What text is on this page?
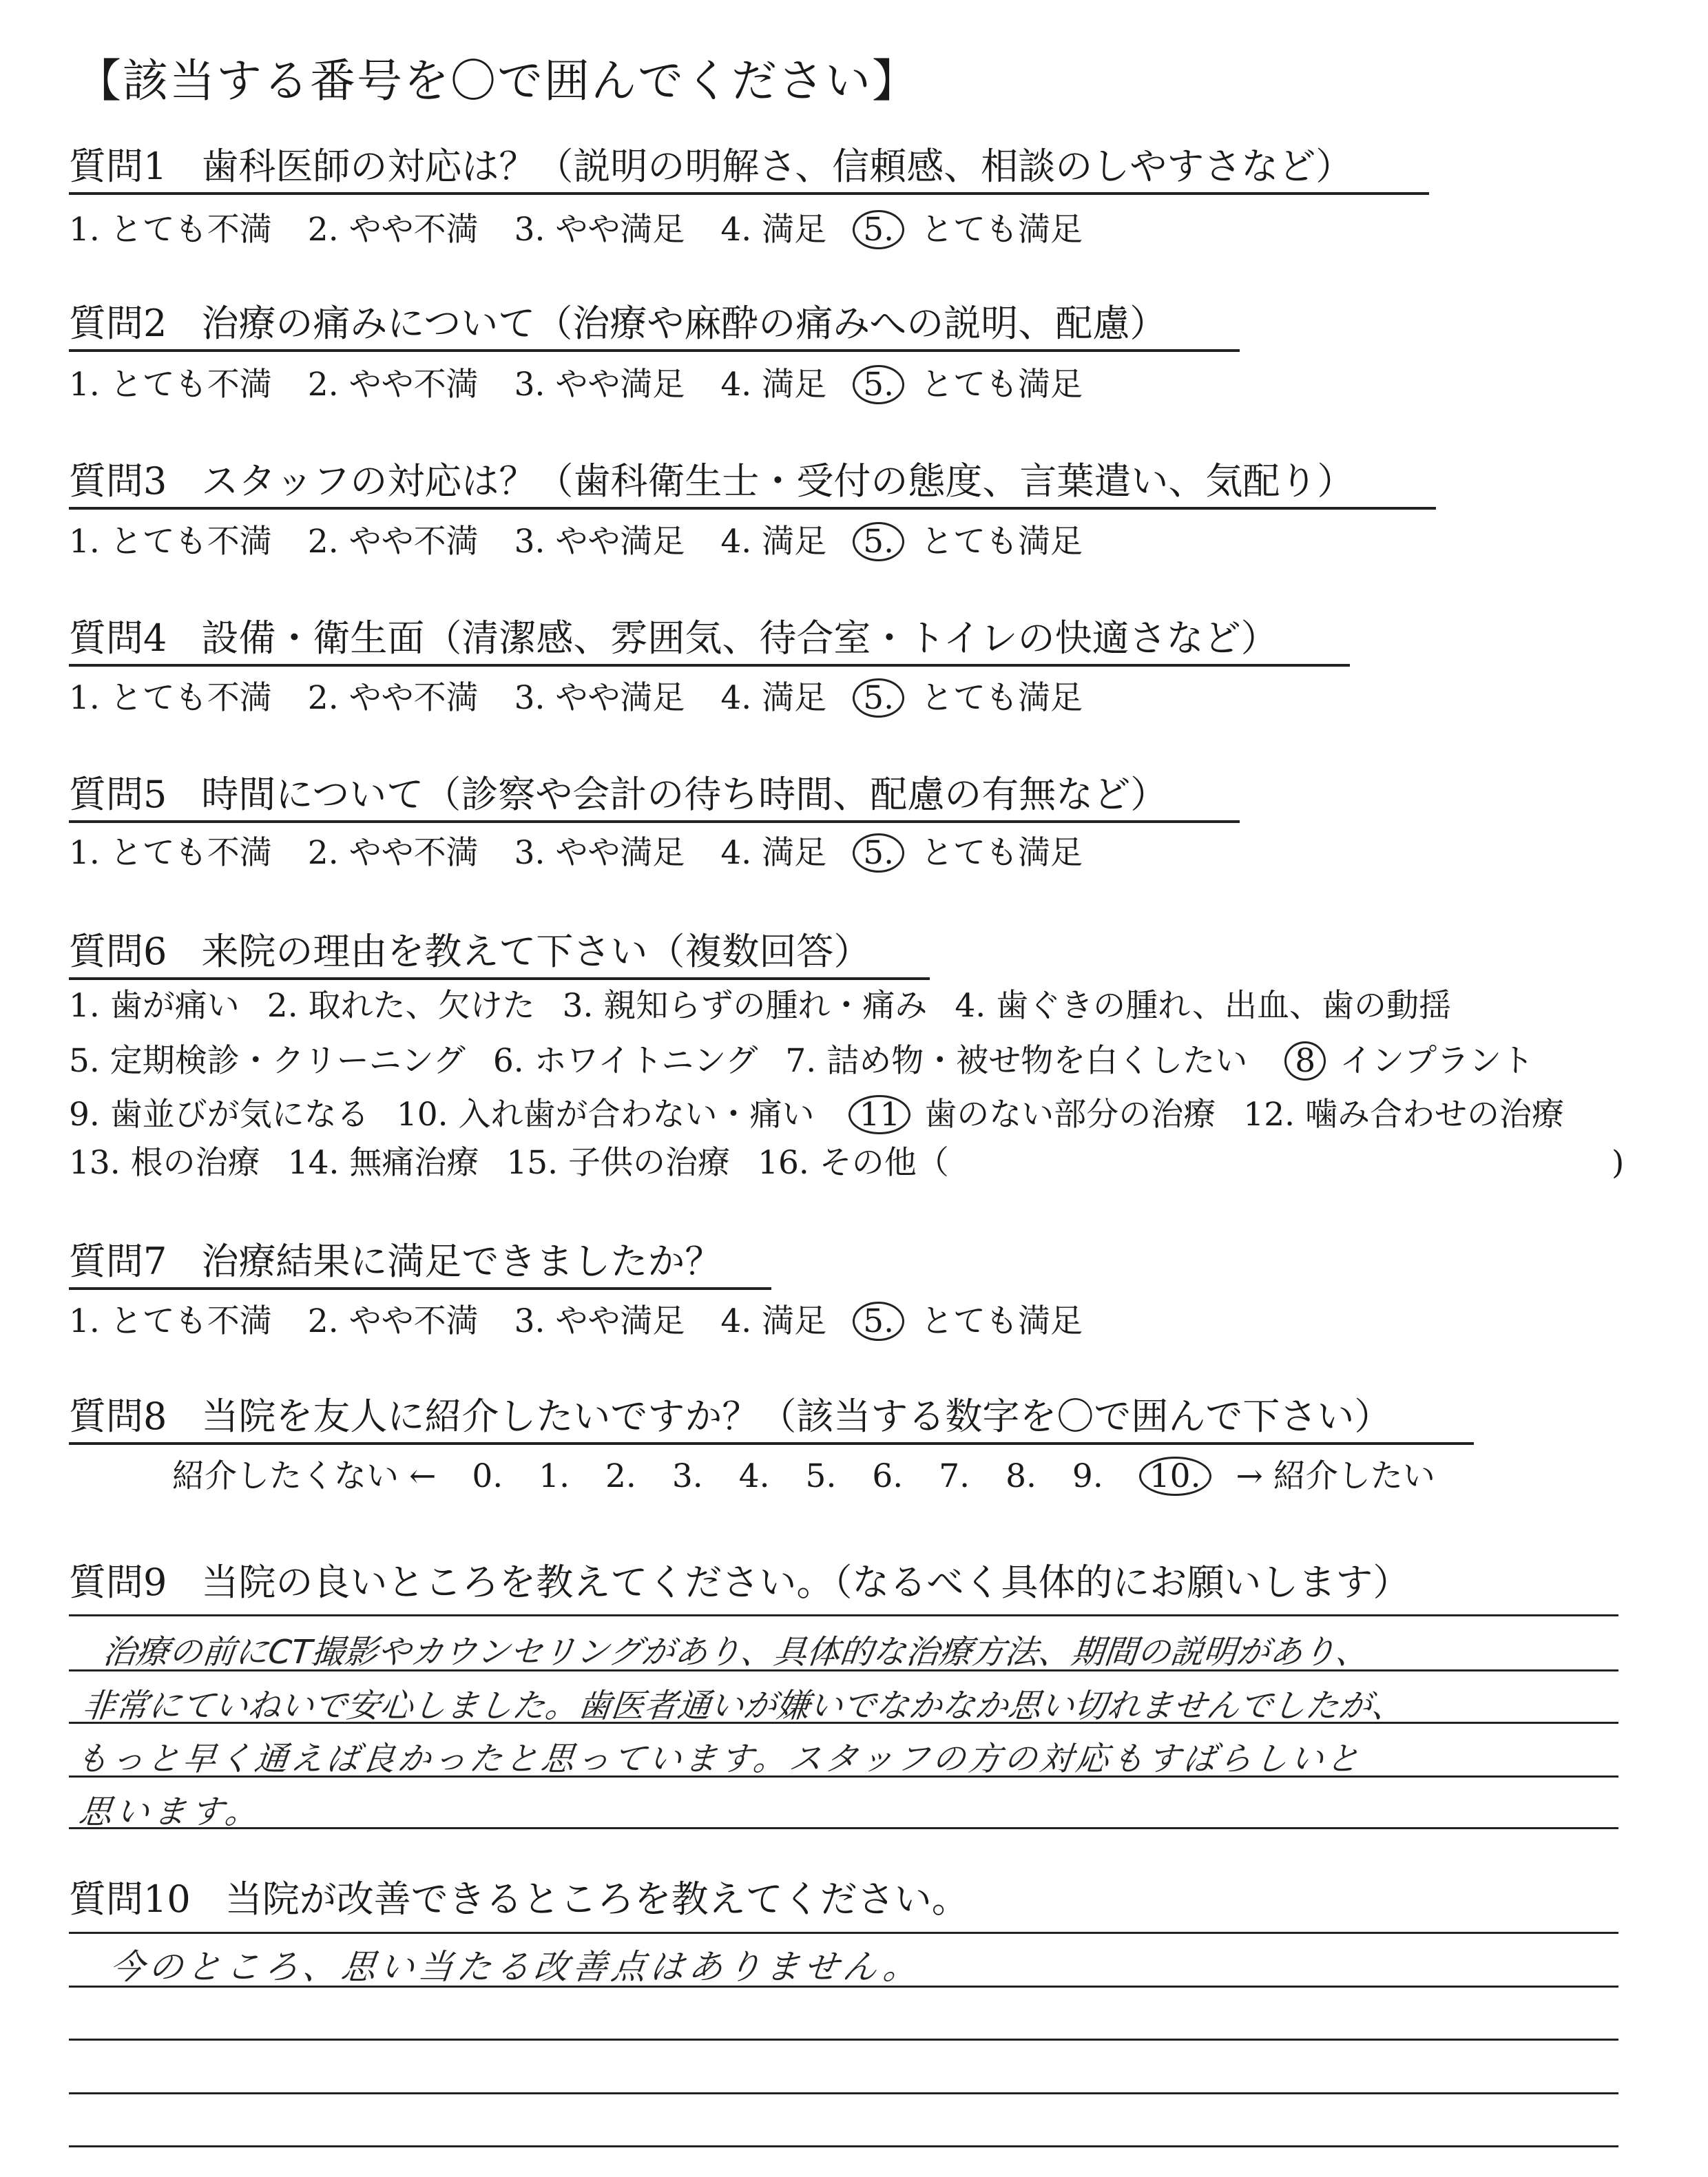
【該当する番号を〇で囲んでください】
質問1 歯科医師の対応は？（説明の明解さ、信頼感、相談のしやすさなど）
1. とても不満 2. やや不満 3. やや満足 4. 満足 5. とても満足
質問2 治療の痛みについて（治療や麻酔の痛みへの説明、配慮）
1. とても不満 2. やや不満 3. やや満足 4. 満足 5. とても満足
質問3 スタッフの対応は？（歯科衛生士・受付の態度、言葉遣い、気配り）
1. とても不満 2. やや不満 3. やや満足 4. 満足 5. とても満足
質問4 設備・衛生面（清潔感、雰囲気、待合室・トイレの快適さなど）
1. とても不満 2. やや不満 3. やや満足 4. 満足 5. とても満足
質問5 時間について（診察や会計の待ち時間、配慮の有無など）
1. とても不満 2. やや不満 3. やや満足 4. 満足 5. とても満足
質問6 来院の理由を教えて下さい（複数回答）
1. 歯が痛い 2. 取れた、欠けた 3. 親知らずの腫れ・痛み 4. 歯ぐきの腫れ、出血、歯の動揺
5. 定期検診・クリーニング 6. ホワイトニング 7. 詰め物・被せ物を白くしたい 8 インプラント
9. 歯並びが気になる 10. 入れ歯が合わない・痛い 11 歯のない部分の治療 12. 噛み合わせの治療
13. 根の治療 14. 無痛治療 15. 子供の治療 16. その他（	)
質問7 治療結果に満足できましたか？
1. とても不満 2. やや不満 3. やや満足 4. 満足 5. とても満足
質問8 当院を友人に紹介したいですか？（該当する数字を〇で囲んで下さい）
紹介したくない ← 0. 1. 2. 3. 4. 5. 6. 7. 8. 9. 10. → 紹介したい
質問9 当院の良いところを教えてください。（なるべく具体的にお願いします）
治療の前にCT撮影やカウンセリングがあり、具体的な治療方法、期間の説明があり、
非常にていねいで安心しました。歯医者通いが嫌いでなかなか思い切れませんでしたが、
もっと早く通えば良かったと思っています。スタッフの方の対応もすばらしいと
思います。
質問10 当院が改善できるところを教えてください。
今のところ、思い当たる改善点はありません。
